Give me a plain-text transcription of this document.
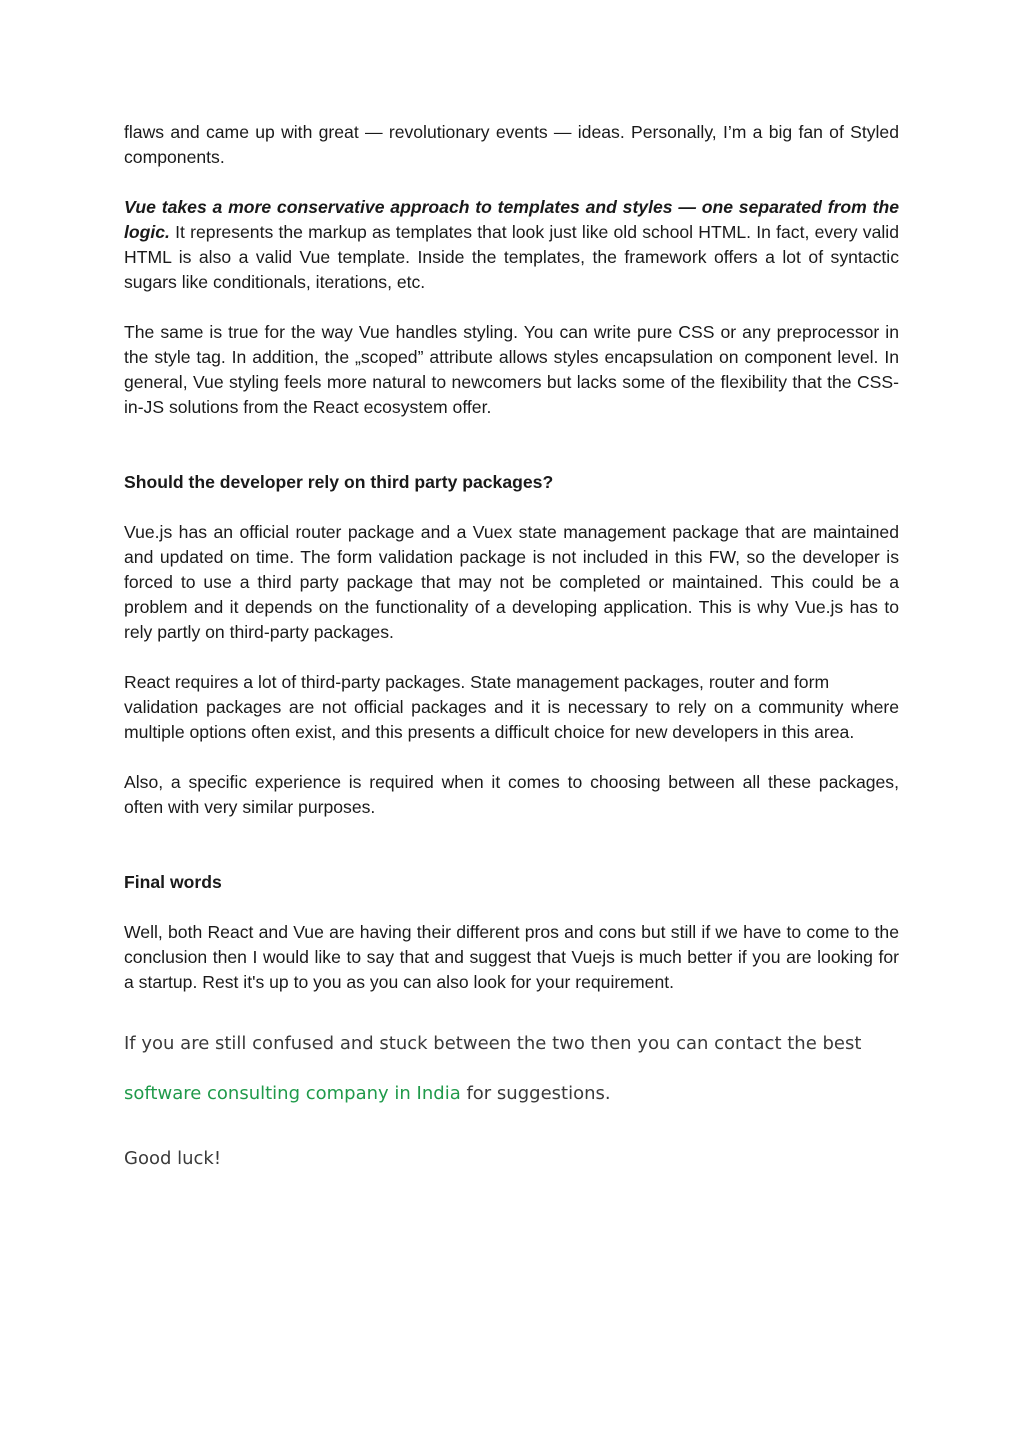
flaws and came up with great — revolutionary events — ideas. Personally, I’m a big fan of Styled components.

Vue takes a more conservative approach to templates and styles — one separated from the logic. It represents the markup as templates that look just like old school HTML. In fact, every valid HTML is also a valid Vue template. Inside the templates, the framework offers a lot of syntactic sugars like conditionals, iterations, etc.

The same is true for the way Vue handles styling. You can write pure CSS or any preprocessor in the style tag. In addition, the „scoped” attribute allows styles encapsulation on component level. In general, Vue styling feels more natural to newcomers but lacks some of the flexibility that the CSS-in-JS solutions from the React ecosystem offer.

Should the developer rely on third party packages?

Vue.js has an official router package and a Vuex state management package that are maintained and updated on time. The form validation package is not included in this FW, so the developer is forced to use a third party package that may not be completed or maintained. This could be a problem and it depends on the functionality of a developing application. This is why Vue.js has to rely partly on third-party packages.

React requires a lot of third-party packages. State management packages, router and form
validation packages are not official packages and it is necessary to rely on a community where multiple options often exist, and this presents a difficult choice for new developers in this area.

Also, a specific experience is required when it comes to choosing between all these packages, often with very similar purposes.

Final words

Well, both React and Vue are having their different pros and cons but still if we have to come to the conclusion then I would like to say that and suggest that Vuejs is much better if you are looking for a startup. Rest it's up to you as you can also look for your requirement.

If you are still confused and stuck between the two then you can contact the best

software consulting company in India for suggestions.

Good luck!
